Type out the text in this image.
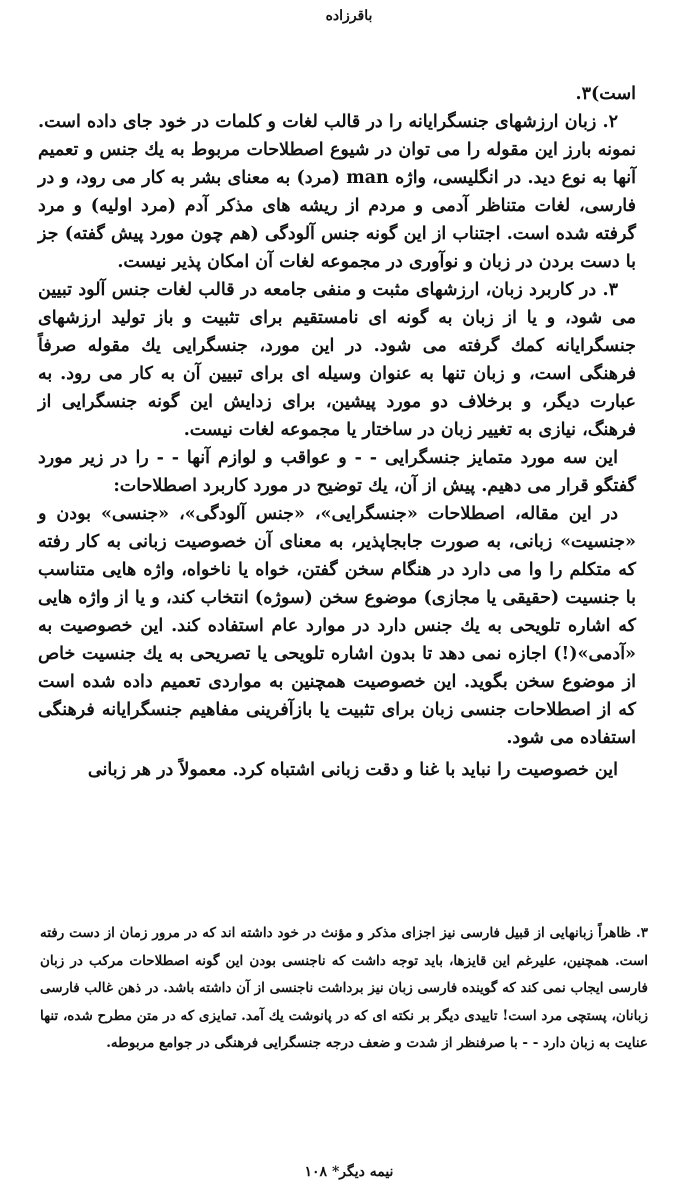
باقرزاده

است)۳.

۲. زبان ارزشهای جنسگرایانه را در قالب لغات و کلمات در خود جای داده است. نمونه بارز این مقوله را می توان در شیوع اصطلاحات مربوط به یك جنس و تعمیم آنها به نوع دید. در انگلیسی، واژه man (مرد) به معنای بشر به کار می رود، و در فارسی، لغات متناظر آدمی و مردم از ریشه های مذکر آدم (مرد اولیه) و مرد گرفته شده است. اجتناب از این گونه جنس آلودگی (هم چون مورد پیش گفته) جز با دست بردن در زبان و نوآوری در مجموعه لغات آن امکان پذیر نیست.

۳. در کاربرد زبان، ارزشهای مثبت و منفی جامعه در قالب لغات جنس آلود تبیین می شود، و یا از زبان به گونه ای نامستقیم برای تثبیت و باز تولید ارزشهای جنسگرایانه کمك گرفته می شود. در این مورد، جنسگرایی یك مقوله صرفاً فرهنگی است، و زبان تنها به عنوان وسیله ای برای تبیین آن به کار می رود. به عبارت دیگر، و برخلاف دو مورد پیشین، برای زدایش این گونه جنسگرایی از فرهنگ، نیازی به تغییر زبان در ساختار یا مجموعه لغات نیست.

این سه مورد متمایز جنسگرایی - - و عواقب و لوازم آنها - - را در زیر مورد گفتگو قرار می دهیم. پیش از آن، یك توضیح در مورد کاربرد اصطلاحات:

در این مقاله، اصطلاحات «جنسگرایی»، «جنس آلودگی»، «جنسی» بودن و «جنسیت» زبانی، به صورت جابجاپذیر، به معنای آن خصوصیت زبانی به کار رفته که متکلم را وا می دارد در هنگام سخن گفتن، خواه یا ناخواه، واژه هایی متناسب با جنسیت (حقیقی یا مجازی) موضوع سخن (سوژه) انتخاب کند، و یا از واژه هایی که اشاره تلویحی به یك جنس دارد در موارد عام استفاده کند. این خصوصیت به «آدمی»(!) اجازه نمی دهد تا بدون اشاره تلویحی یا تصریحی به یك جنسیت خاص از موضوع سخن بگوید. این خصوصیت همچنین به مواردی تعمیم داده شده است که از اصطلاحات جنسی زبان برای تثبیت یا بازآفرینی مفاهیم جنسگرایانه فرهنگی استفاده می شود.

این خصوصیت را نباید با غنا و دقت زبانی اشتباه کرد. معمولاً در هر زبانی

۳. ظاهراً زبانهایی از قبیل فارسی نیز اجزای مذکر و مؤنث در خود داشته اند که در مرور زمان از دست رفته است. همچنین، علیرغم این قایزها، باید توجه داشت که ناجنسی بودن این گونه اصطلاحات مرکب در زبان فارسی ایجاب نمی کند که گوینده فارسی زبان نیز برداشت ناجنسی از آن داشته باشد. در ذهن غالب فارسی زبانان، پستچی مرد است! تاییدی دیگر بر نکته ای که در پانوشت یك آمد. تمایزی که در متن مطرح شده، تنها عنایت به زبان دارد - - با صرفنظر از شدت و ضعف درجه جنسگرایی فرهنگی در جوامع مربوطه.

نیمه دیگر* ۱۰۸
